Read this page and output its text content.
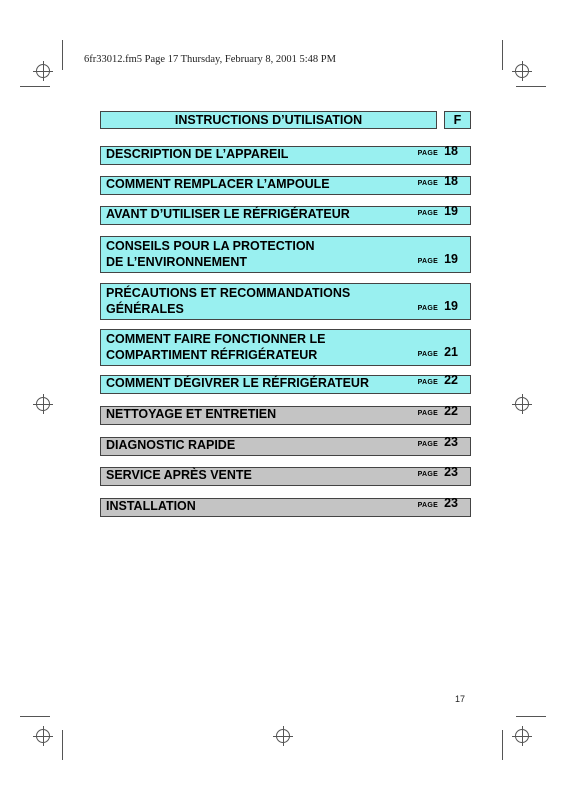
6fr33012.fm5 Page 17 Thursday, February 8, 2001 5:48 PM
INSTRUCTIONS D’UTILISATION	F
DESCRIPTION DE L’APPAREIL	PAGE 18
COMMENT REMPLACER L’AMPOULE	PAGE 18
AVANT D’UTILISER LE RÉFRIGÉRATEUR	PAGE 19
CONSEILS POUR LA PROTECTION
DE L’ENVIRONNEMENT	PAGE 19
PRÉCAUTIONS ET RECOMMANDATIONS
GÉNÉRALES	PAGE 19
COMMENT FAIRE FONCTIONNER LE
COMPARTIMENT RÉFRIGÉRATEUR	PAGE 21
COMMENT DÉGIVRER LE RÉFRIGÉRATEUR	PAGE 22
NETTOYAGE ET ENTRETIEN	PAGE 22
DIAGNOSTIC RAPIDE	PAGE 23
SERVICE APRÈS VENTE	PAGE 23
INSTALLATION	PAGE 23
17
